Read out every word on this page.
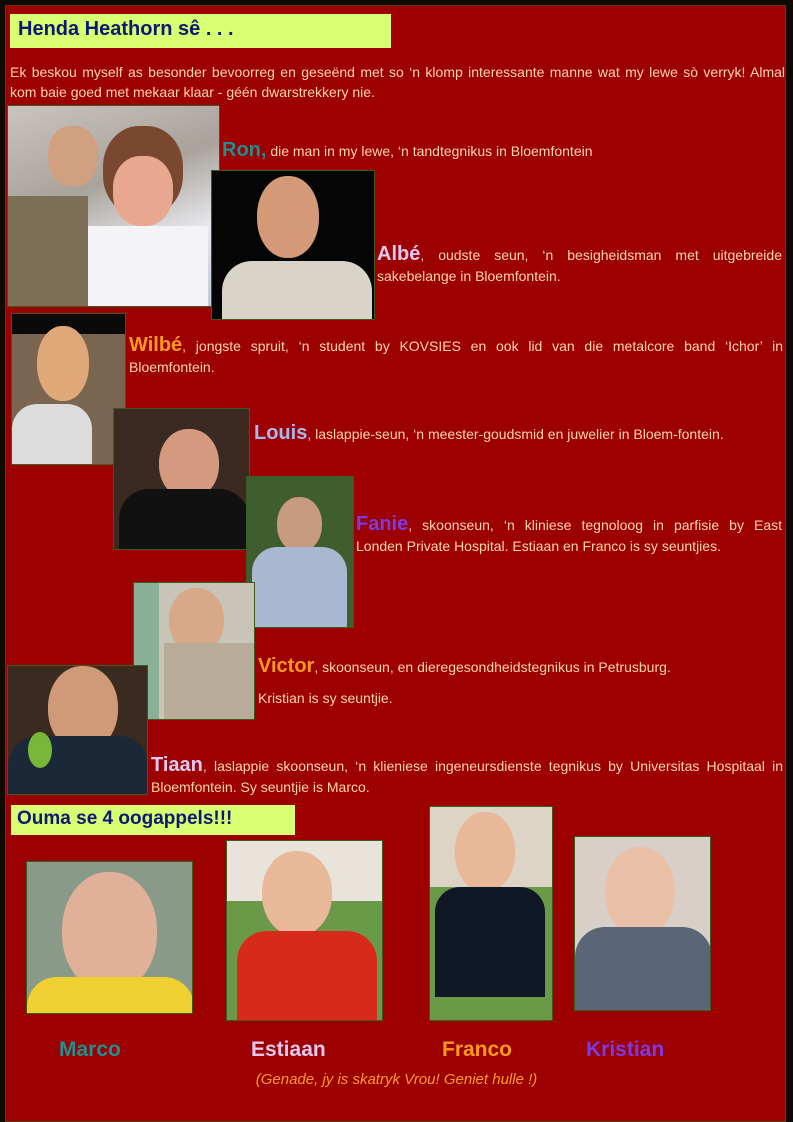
Henda Heathorn sê . . .
Ek beskou myself as besonder bevoorreg en geseënd met so ‘n klomp interessante manne wat my lewe sò verryk! Almal kom baie goed met mekaar klaar - géén dwarstrekkery nie.
Ron, die man in my lewe, ‘n tandtegnikus in Bloemfontein
Albé, oudste seun, ‘n besigheidsman met uitgebreide sakebelange in Bloemfontein.
Wilbé, jongste spruit, ‘n student by KOVSIES en ook lid van die metalcore band ‘Ichor’ in Bloemfontein.
Louis, laslappie-seun, ‘n meester-goudsmid en juwelier in Bloem-fontein.
Fanie, skoonseun, ‘n kliniese tegnoloog in parfisie by East Londen Private Hospital. Estiaan en Franco is sy seuntjies.
Victor, skoonseun, en dieregesondheidstegnikus in Petrusburg.
Kristian is sy seuntjie.
Tiaan, laslappie skoonseun, ‘n klieniese ingeneursdienste tegnikus by Universitas Hospitaal in Bloemfontein. Sy seuntjie is Marco.
Ouma se 4 oogappels!!!
Marco	Estiaan	Franco	Kristian
(Genade, jy is skatryk Vrou! Geniet hulle !)
